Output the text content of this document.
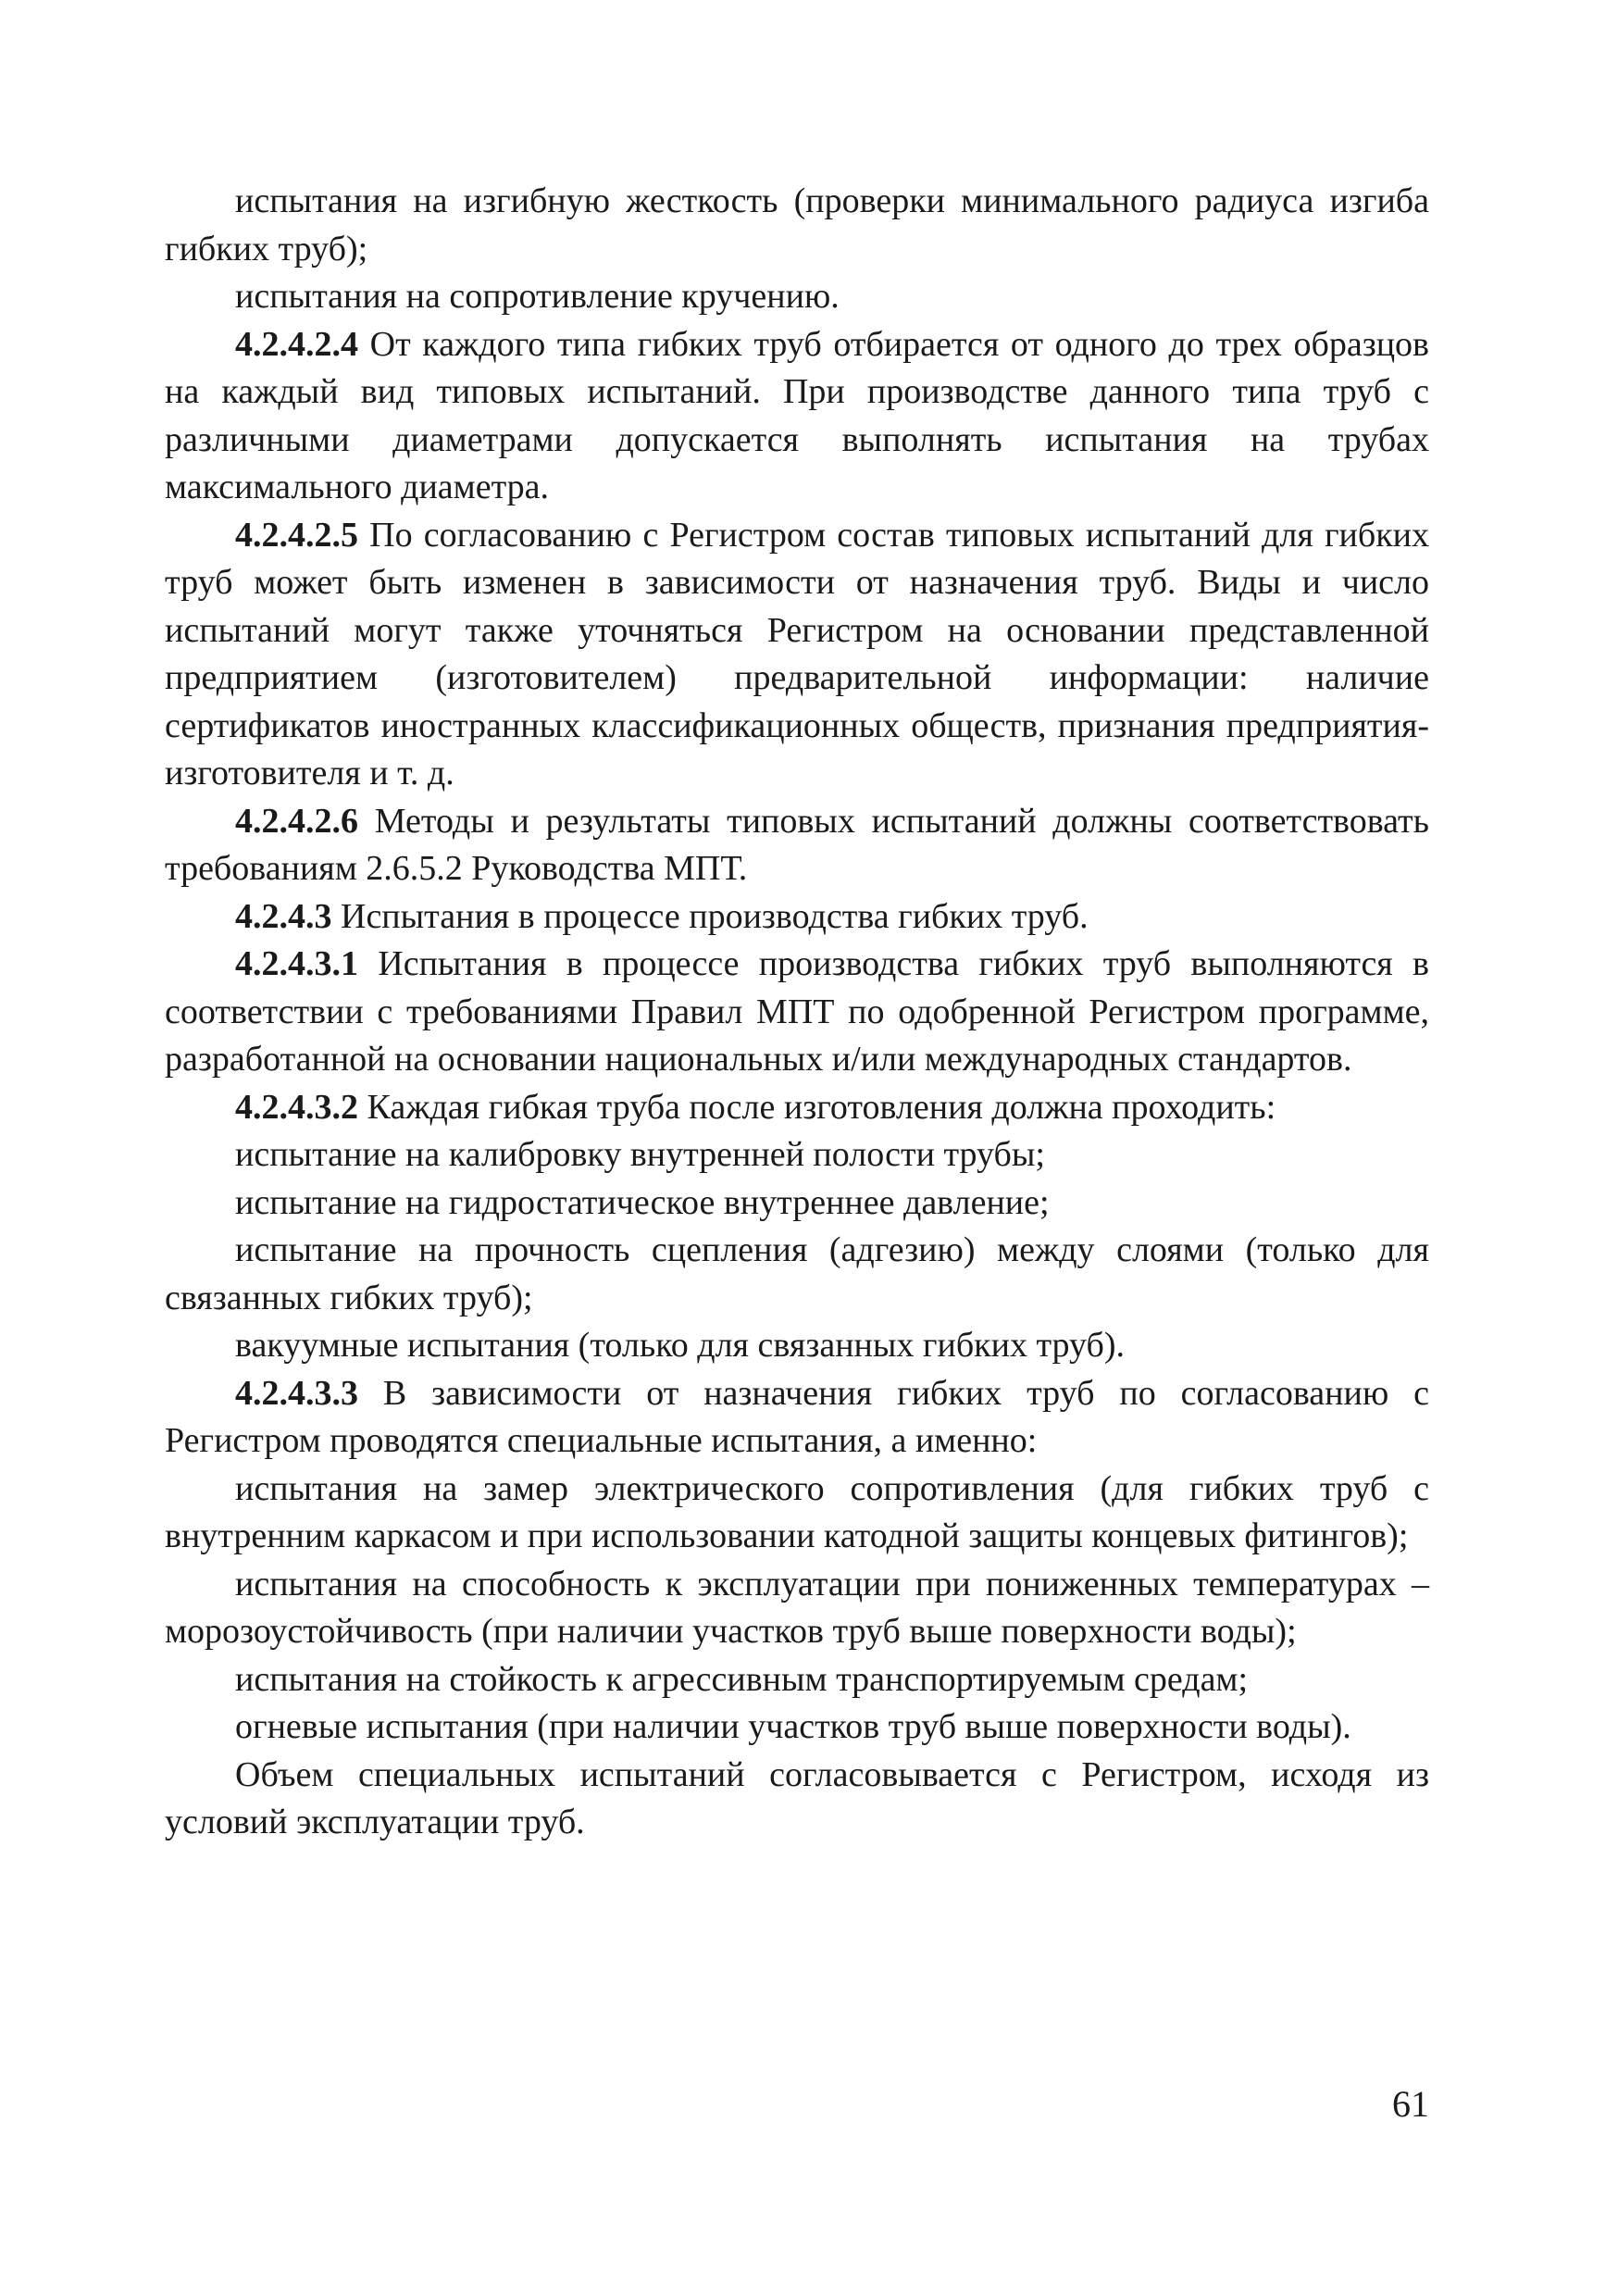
испытания на изгибную жесткость (проверки минимального радиуса изгиба гибких труб);

испытания на сопротивление кручению.

4.2.4.2.4 От каждого типа гибких труб отбирается от одного до трех образцов на каждый вид типовых испытаний. При производстве данного типа труб с различными диаметрами допускается выполнять испытания на трубах максимального диаметра.

4.2.4.2.5 По согласованию с Регистром состав типовых испытаний для гибких труб может быть изменен в зависимости от назначения труб. Виды и число испытаний могут также уточняться Регистром на основании представленной предприятием (изготовителем) предварительной информации: наличие сертификатов иностранных классификационных обществ, признания предприятия-изготовителя и т. д.

4.2.4.2.6 Методы и результаты типовых испытаний должны соответствовать требованиям 2.6.5.2 Руководства МПТ.

4.2.4.3 Испытания в процессе производства гибких труб.

4.2.4.3.1 Испытания в процессе производства гибких труб выполняются в соответствии с требованиями Правил МПТ по одобренной Регистром программе, разработанной на основании национальных и/или международных стандартов.

4.2.4.3.2 Каждая гибкая труба после изготовления должна проходить:

испытание на калибровку внутренней полости трубы;

испытание на гидростатическое внутреннее давление;

испытание на прочность сцепления (адгезию) между слоями (только для связанных гибких труб);

вакуумные испытания (только для связанных гибких труб).

4.2.4.3.3 В зависимости от назначения гибких труб по согласованию с Регистром проводятся специальные испытания, а именно:

испытания на замер электрического сопротивления (для гибких труб с внутренним каркасом и при использовании катодной защиты концевых фитингов);

испытания на способность к эксплуатации при пониженных температурах – морозоустойчивость (при наличии участков труб выше поверхности воды);

испытания на стойкость к агрессивным транспортируемым средам;

огневые испытания (при наличии участков труб выше поверхности воды).

Объем специальных испытаний согласовывается с Регистром, исходя из условий эксплуатации труб.

61
